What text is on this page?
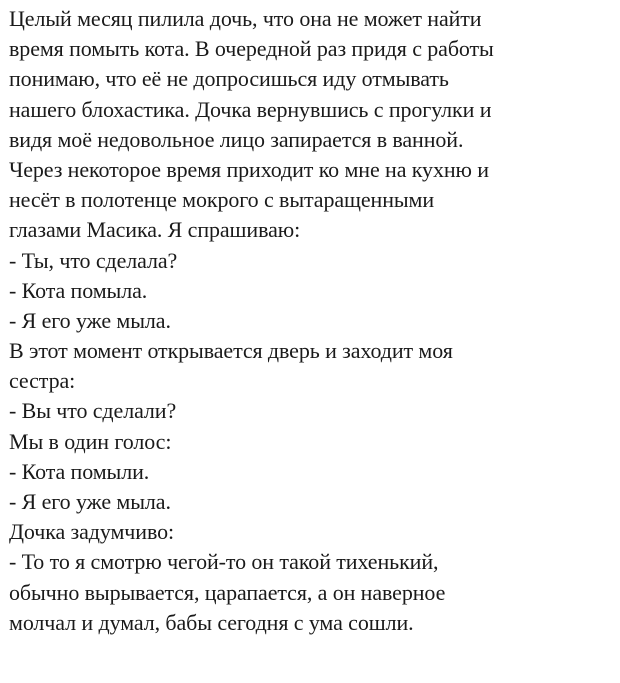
Целый месяц пилила дочь, что она не может найти
время помыть кота. В очередной раз придя с работы
понимаю, что её не допросишься иду отмывать
нашего блохастика. Дочка вернувшись с прогулки и
видя моё недовольное лицо запирается в ванной.
Через некоторое время приходит ко мне на кухню и
несёт в полотенце мокрого с вытаращенными
глазами Масика. Я спрашиваю:
- Ты, что сделала?
- Кота помыла.
- Я его уже мыла.
В этот момент открывается дверь и заходит моя
сестра:
- Вы что сделали?
Мы в один голос:
- Кота помыли.
- Я его уже мыла.
Дочка задумчиво:
- То то я смотрю чегой-то он такой тихенький,
обычно вырывается, царапается, а он наверное
молчал и думал, бабы сегодня с ума сошли.
